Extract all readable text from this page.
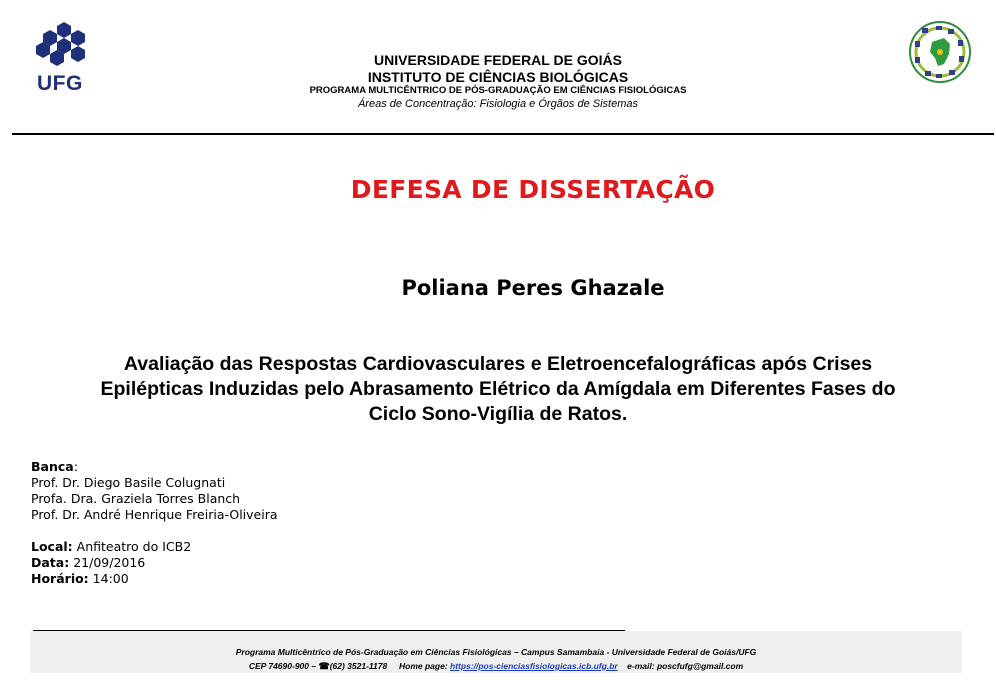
UFG
UNIVERSIDADE FEDERAL DE GOIÁS
INSTITUTO DE CIÊNCIAS BIOLÓGICAS
PROGRAMA MULTICÊNTRICO DE PÓS-GRADUAÇÃO EM CIÊNCIAS FISIOLÓGICAS
Áreas de Concentração: Fisiologia e Órgãos de Sistemas
DEFESA DE DISSERTAÇÃO
Poliana Peres Ghazale
Avaliação das Respostas Cardiovasculares e Eletroencefalográficas após Crises
Epilépticas Induzidas pelo Abrasamento Elétrico da Amígdala em Diferentes Fases do
Ciclo Sono-Vigília de Ratos.
Banca:
Prof. Dr. Diego Basile Colugnati
Profa. Dra. Graziela Torres Blanch
Prof. Dr. André Henrique Freiria-Oliveira
Local: Anfiteatro do ICB2
Data: 21/09/2016
Horário: 14:00
Programa Multicêntrico de Pós-Graduação em Ciências Fisiológicas – Campus Samambaia - Universidade Federal de Goiás/UFG
CEP 74690-900 – ☎(62) 3521-1178 Home page: https://pos-cienciasfisiologicas.icb.ufg.br e-mail: poscfufg@gmail.com
